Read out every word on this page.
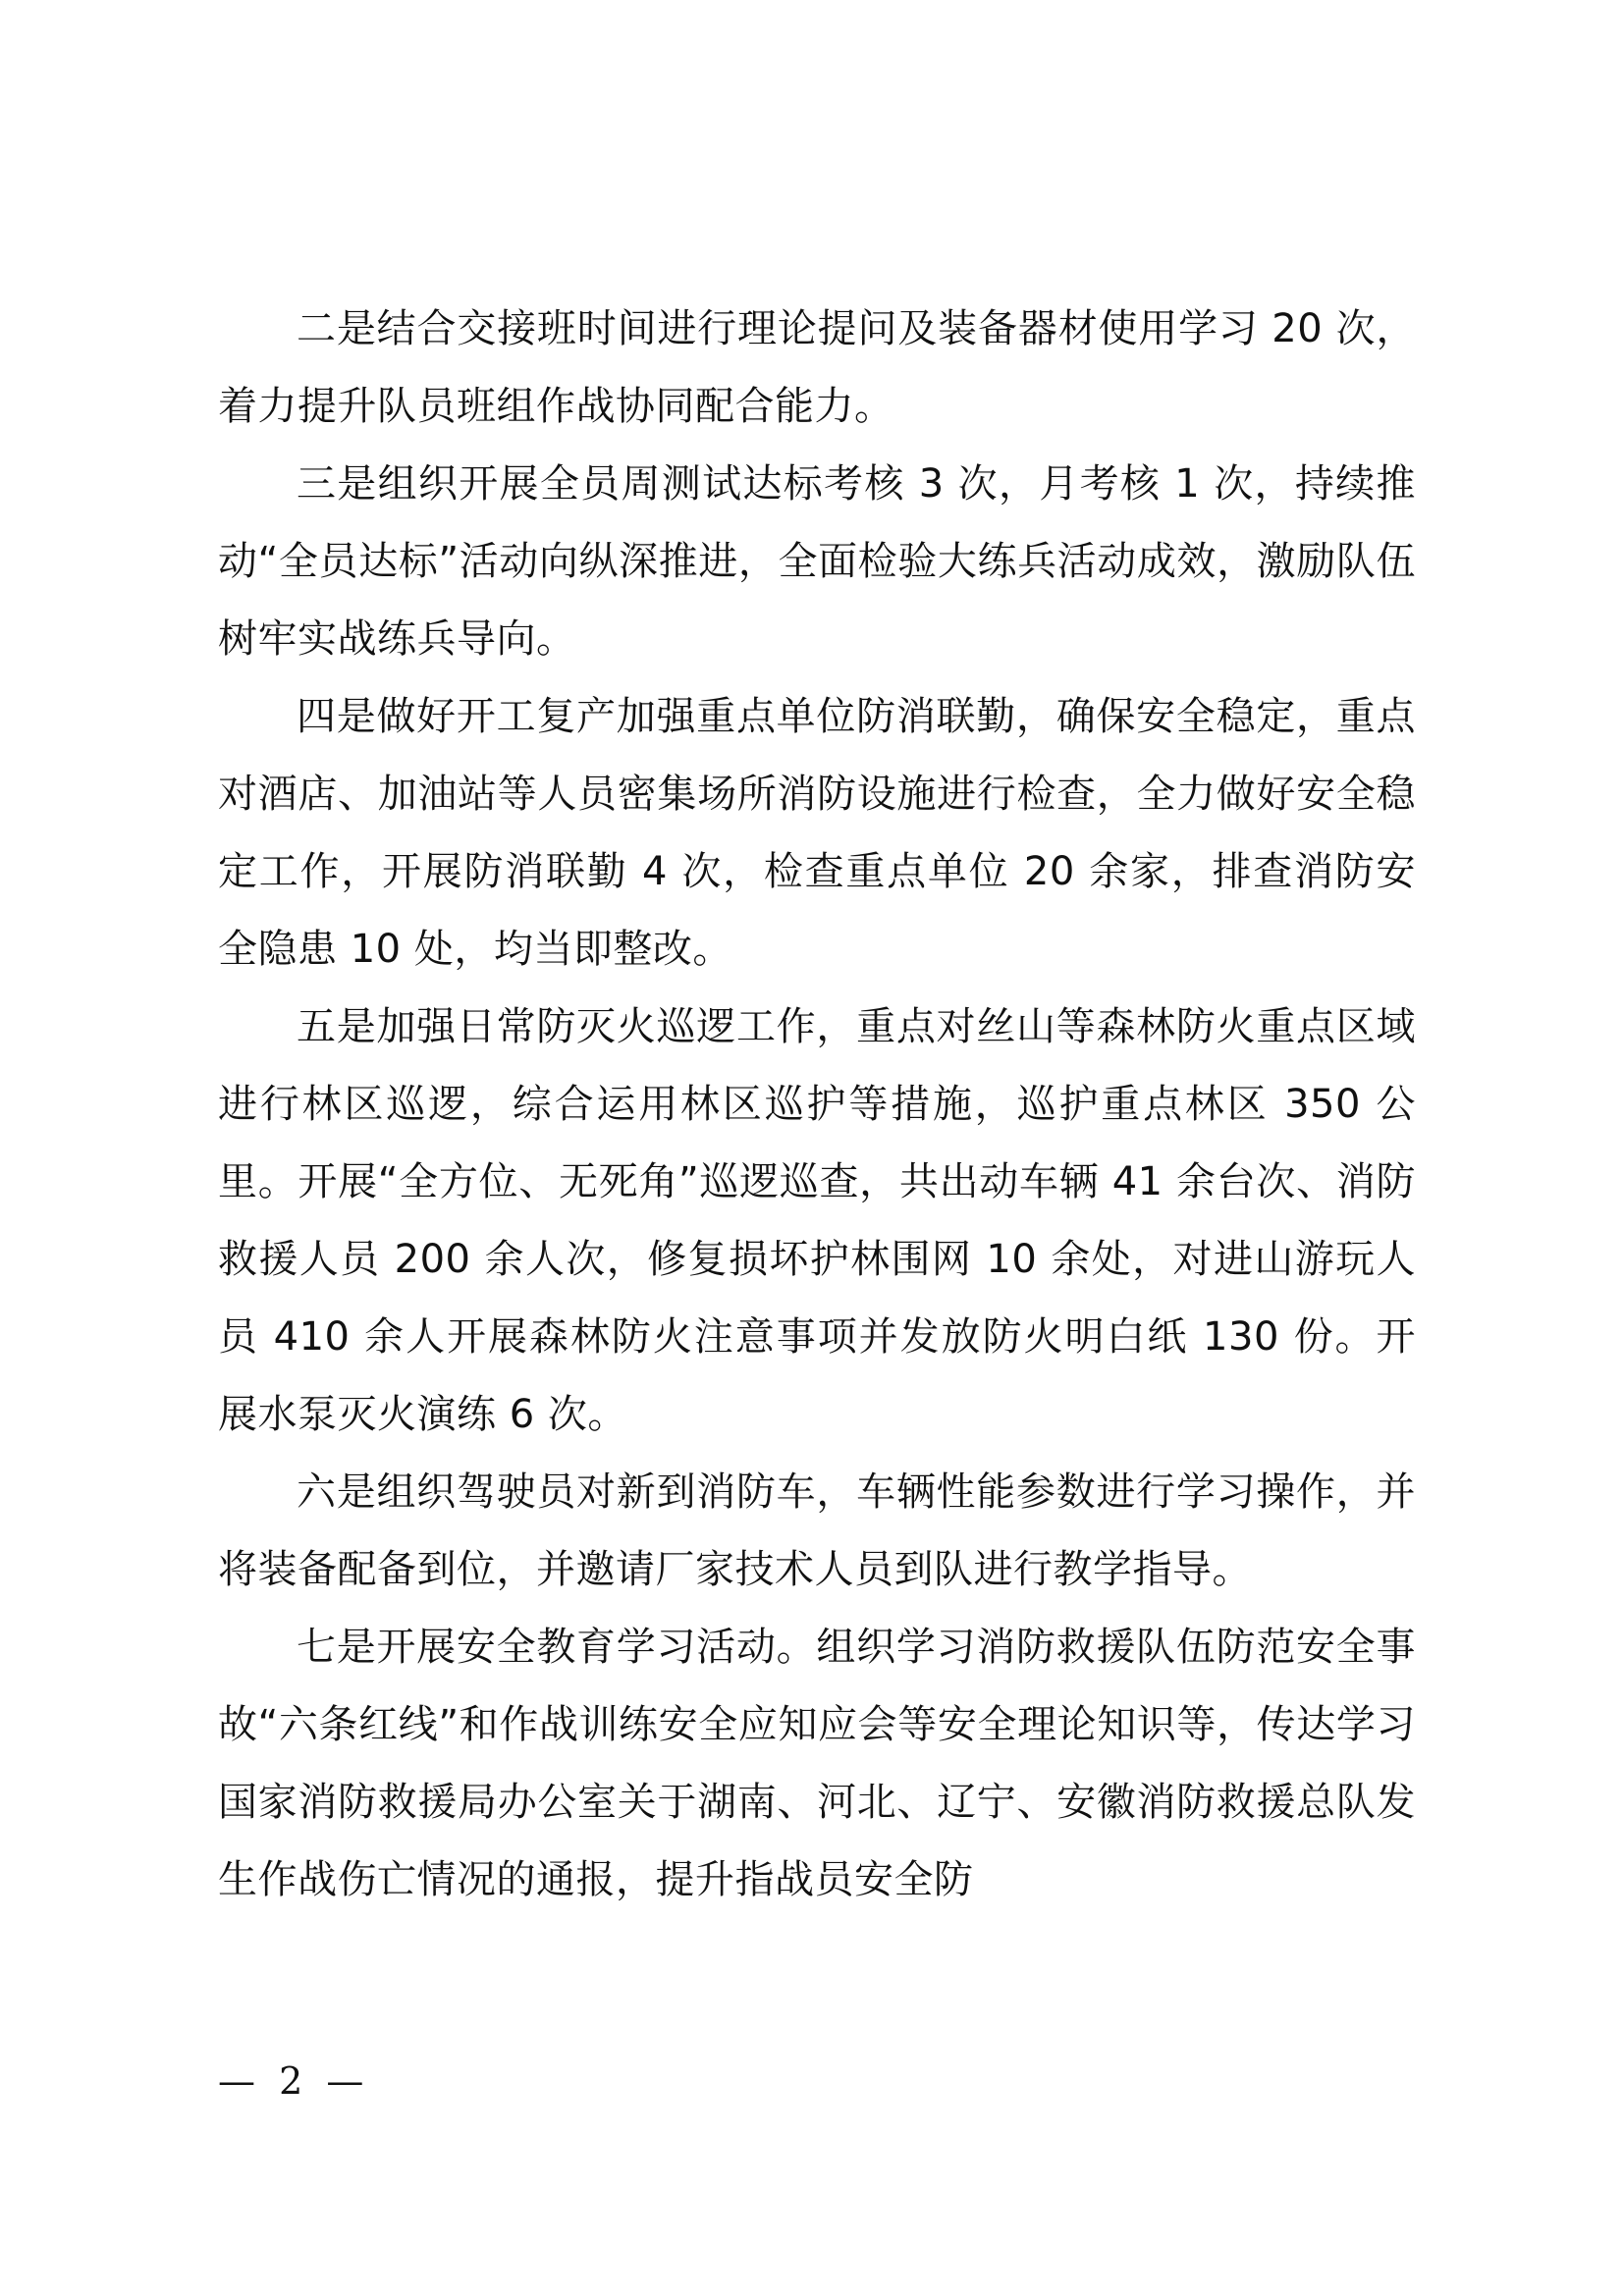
二是结合交接班时间进行理论提问及装备器材使用学习 20 次，着力提升队员班组作战协同配合能力。

三是组织开展全员周测试达标考核 3 次，月考核 1 次，持续推动“全员达标”活动向纵深推进，全面检验大练兵活动成效，激励队伍树牢实战练兵导向。

四是做好开工复产加强重点单位防消联勤，确保安全稳定，重点对酒店、加油站等人员密集场所消防设施进行检查，全力做好安全稳定工作，开展防消联勤 4 次，检查重点单位 20 余家，排查消防安全隐患 10 处，均当即整改。

五是加强日常防灭火巡逻工作，重点对丝山等森林防火重点区域进行林区巡逻，综合运用林区巡护等措施，巡护重点林区 350 公里。开展“全方位、无死角”巡逻巡查，共出动车辆 41 余台次、消防救援人员 200 余人次，修复损坏护林围网 10 余处，对进山游玩人员 410 余人开展森林防火注意事项并发放防火明白纸 130 份。开展水泵灭火演练 6 次。

六是组织驾驶员对新到消防车，车辆性能参数进行学习操作，并将装备配备到位，并邀请厂家技术人员到队进行教学指导。

七是开展安全教育学习活动。组织学习消防救援队伍防范安全事故“六条红线”和作战训练安全应知应会等安全理论知识等，传达学习国家消防救援局办公室关于湖南、河北、辽宁、安徽消防救援总队发生作战伤亡情况的通报，提升指战员安全防

— 2 —
